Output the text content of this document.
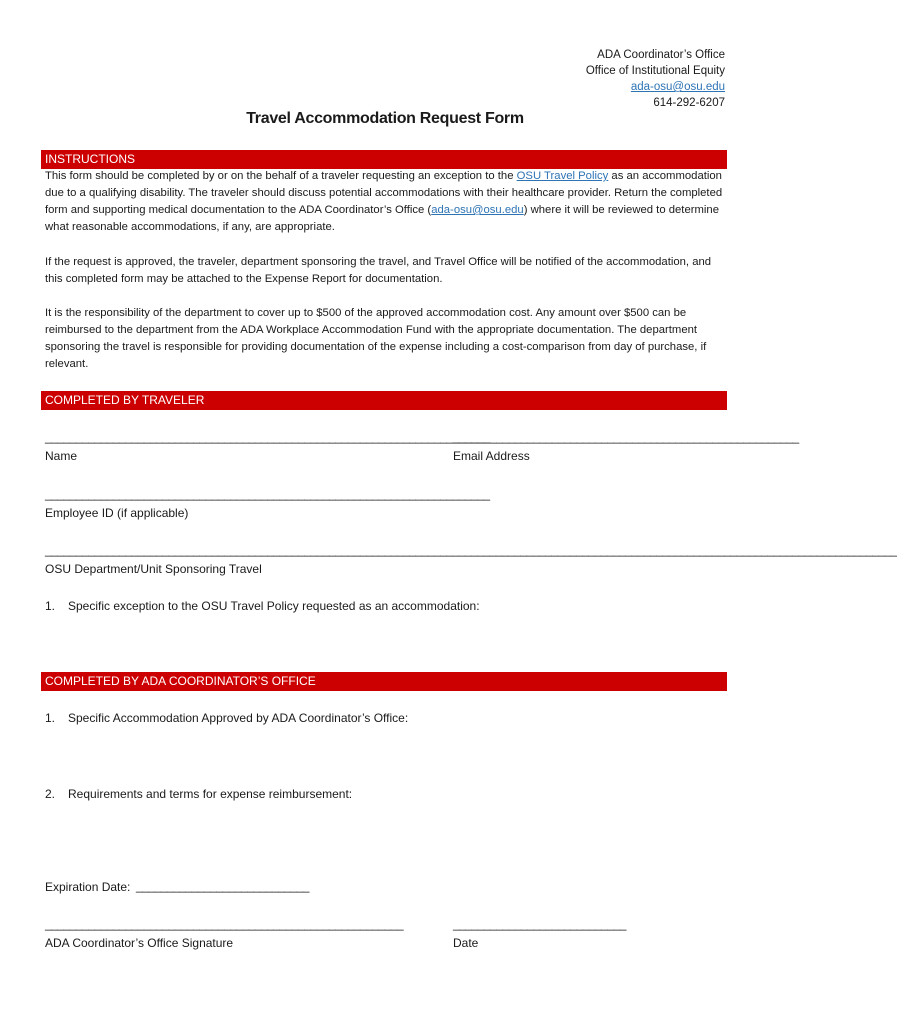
ADA Coordinator’s Office
Office of Institutional Equity
ada-osu@osu.edu
614-292-6207
Travel Accommodation Request Form
INSTRUCTIONS

This form should be completed by or on the behalf of a traveler requesting an exception to the OSU Travel Policy as an accommodation due to a qualifying disability. The traveler should discuss potential accommodations with their healthcare provider. Return the completed form and supporting medical documentation to the ADA Coordinator’s Office (ada-osu@osu.edu) where it will be reviewed to determine what reasonable accommodations, if any, are appropriate.

If the request is approved, the traveler, department sponsoring the travel, and Travel Office will be notified of the accommodation, and this completed form may be attached to the Expense Report for documentation.

It is the responsibility of the department to cover up to $500 of the approved accommodation cost. Any amount over $500 can be reimbursed to the department from the ADA Workplace Accommodation Fund with the appropriate documentation. The department sponsoring the travel is responsible for providing documentation of the expense including a cost-comparison from day of purchase, if relevant.

COMPLETED BY TRAVELER
________________________________________________________________________
Name
________________________________________________________
Email Address
________________________________________________________________________
Employee ID (if applicable)
__________________________________________________________________________________________________________________________________________
OSU Department/Unit Sponsoring Travel
1. Specific exception to the OSU Travel Policy requested as an accommodation:
COMPLETED BY ADA COORDINATOR’S OFFICE
1. Specific Accommodation Approved by ADA Coordinator’s Office:
2. Requirements and terms for expense reimbursement:
Expiration Date: ____________________________
__________________________________________________________
ADA Coordinator’s Office Signature
____________________________
Date
